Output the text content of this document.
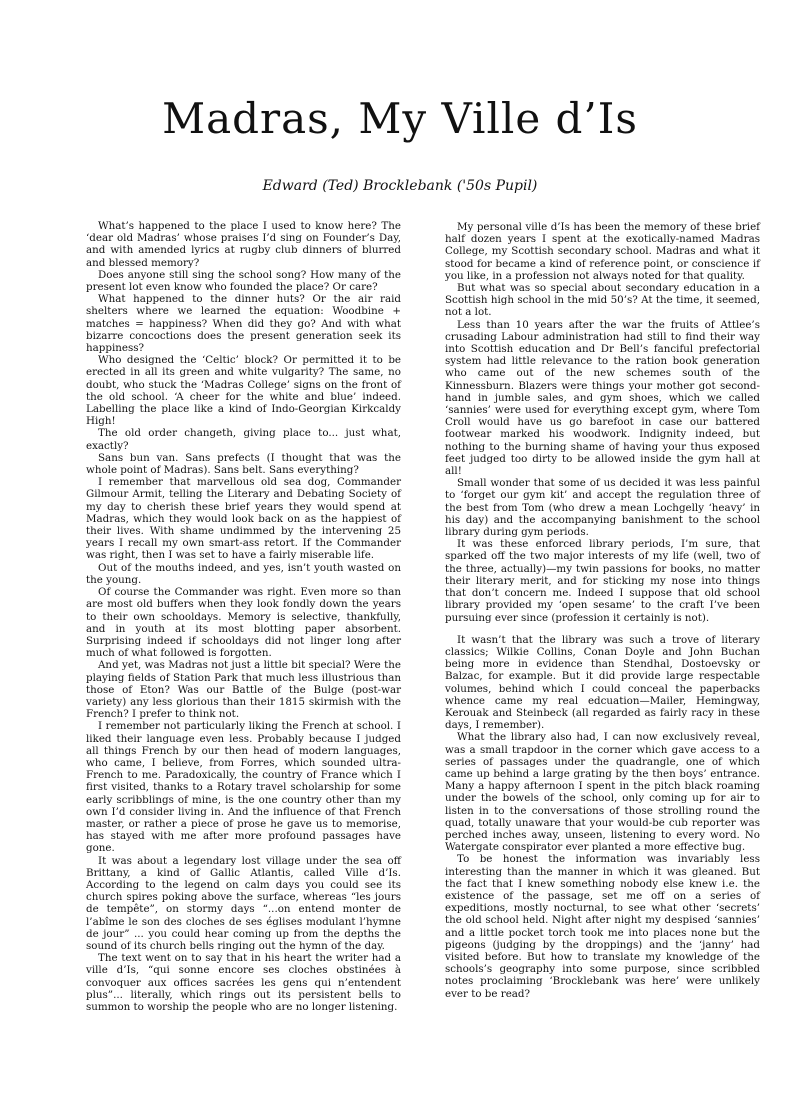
Madras, My Ville d’Is
Edward (Ted) Brocklebank ('50s Pupil)

What’s happened to the place I used to know here? The ‘dear old Madras’ whose praises I’d sing on Founder’s Day, and with amended lyrics at rugby club dinners of blurred and blessed memory?

Does anyone still sing the school song? How many of the present lot even know who founded the place? Or care?

What happened to the dinner huts? Or the air raid shelters where we learned the equation: Woodbine + matches = happiness? When did they go? And with what bizarre concoctions does the present generation seek its happiness?

Who designed the ‘Celtic’ block? Or permitted it to be erected in all its green and white vulgarity? The same, no doubt, who stuck the ‘Madras College’ signs on the front of the old school. ‘A cheer for the white and blue’ indeed. Labelling the place like a kind of Indo-Georgian Kirkcaldy High!

The old order changeth, giving place to... just what, exactly?

Sans bun van. Sans prefects (I thought that was the whole point of Madras). Sans belt. Sans everything?

I remember that marvellous old sea dog, Commander Gilmour Armit, telling the Literary and Debating Society of my day to cherish these brief years they would spend at Madras, which they would look back on as the happiest of their lives. With shame undimmed by the intervening 25 years I recall my own smart-ass retort. If the Commander was right, then I was set to have a fairly miserable life.

Out of the mouths indeed, and yes, isn’t youth wasted on the young.

Of course the Commander was right. Even more so than are most old buffers when they look fondly down the years to their own schooldays. Memory is selective, thankfully, and in youth at its most blotting paper absorbent. Surprising indeed if schooldays did not linger long after much of what followed is forgotten.

And yet, was Madras not just a little bit special? Were the playing fields of Station Park that much less illustrious than those of Eton? Was our Battle of the Bulge (post-war variety) any less glorious than their 1815 skirmish with the French? I prefer to think not.

I remember not particularly liking the French at school. I liked their language even less. Probably because I judged all things French by our then head of modern languages, who came, I believe, from Forres, which sounded ultra-French to me. Paradoxically, the country of France which I first visited, thanks to a Rotary travel scholarship for some early scribblings of mine, is the one country other than my own I’d consider living in. And the influence of that French master, or rather a piece of prose he gave us to memorise, has stayed with me after more profound passages have gone.

It was about a legendary lost village under the sea off Brittany, a kind of Gallic Atlantis, called Ville d’Is. According to the legend on calm days you could see its church spires poking above the surface, whereas “les jours de tempête”, on stormy days “...on entend monter de l’abîme le son des cloches de ses églises modulant l’hymne de jour” ... you could hear coming up from the depths the sound of its church bells ringing out the hymn of the day.

The text went on to say that in his heart the writer had a ville d’Is, “qui sonne encore ses cloches obstinées à convoquer aux offices sacrées les gens qui n’entendent plus”... literally, which rings out its persistent bells to summon to worship the people who are no longer listening.

My personal ville d’Is has been the memory of these brief half dozen years I spent at the exotically-named Madras College, my Scottish secondary school. Madras and what it stood for became a kind of reference point, or conscience if you like, in a profession not always noted for that quality.

But what was so special about secondary education in a Scottish high school in the mid 50’s? At the time, it seemed, not a lot.

Less than 10 years after the war the fruits of Attlee’s crusading Labour administration had still to find their way into Scottish education and Dr Bell’s fanciful prefectorial system had little relevance to the ration book generation who came out of the new schemes south of the Kinnessburn. Blazers were things your mother got second-hand in jumble sales, and gym shoes, which we called ‘sannies’ were used for everything except gym, where Tom Croll would have us go barefoot in case our battered footwear marked his woodwork. Indignity indeed, but nothing to the burning shame of having your thus exposed feet judged too dirty to be allowed inside the gym hall at all!

Small wonder that some of us decided it was less painful to ‘forget our gym kit’ and accept the regulation three of the best from Tom (who drew a mean Lochgelly ‘heavy’ in his day) and the accompanying banishment to the school library during gym periods.

It was these enforced library periods, I’m sure, that sparked off the two major interests of my life (well, two of the three, actually)—my twin passions for books, no matter their literary merit, and for sticking my nose into things that don’t concern me. Indeed I suppose that old school library provided my ‘open sesame’ to the craft I’ve been pursuing ever since (profession it certainly is not).

It wasn’t that the library was such a trove of literary classics; Wilkie Collins, Conan Doyle and John Buchan being more in evidence than Stendhal, Dostoevsky or Balzac, for example. But it did provide large respectable volumes, behind which I could conceal the paperbacks whence came my real edcuation—Mailer, Hemingway, Kerouak and Steinbeck (all regarded as fairly racy in these days, I remember).

What the library also had, I can now exclusively reveal, was a small trapdoor in the corner which gave access to a series of passages under the quadrangle, one of which came up behind a large grating by the then boys’ entrance. Many a happy afternoon I spent in the pitch black roaming under the bowels of the school, only coming up for air to listen in to the conversations of those strolling round the quad, totally unaware that your would-be cub reporter was perched inches away, unseen, listening to every word. No Watergate conspirator ever planted a more effective bug.

To be honest the information was invariably less interesting than the manner in which it was gleaned. But the fact that I knew something nobody else knew i.e. the existence of the passage, set me off on a series of expeditions, mostly nocturnal, to see what other ‘secrets’ the old school held. Night after night my despised ‘sannies’ and a little pocket torch took me into places none but the pigeons (judging by the droppings) and the ‘janny’ had visited before. But how to translate my knowledge of the schools’s geography into some purpose, since scribbled notes proclaiming ‘Brocklebank was here’ were unlikely ever to be read?
